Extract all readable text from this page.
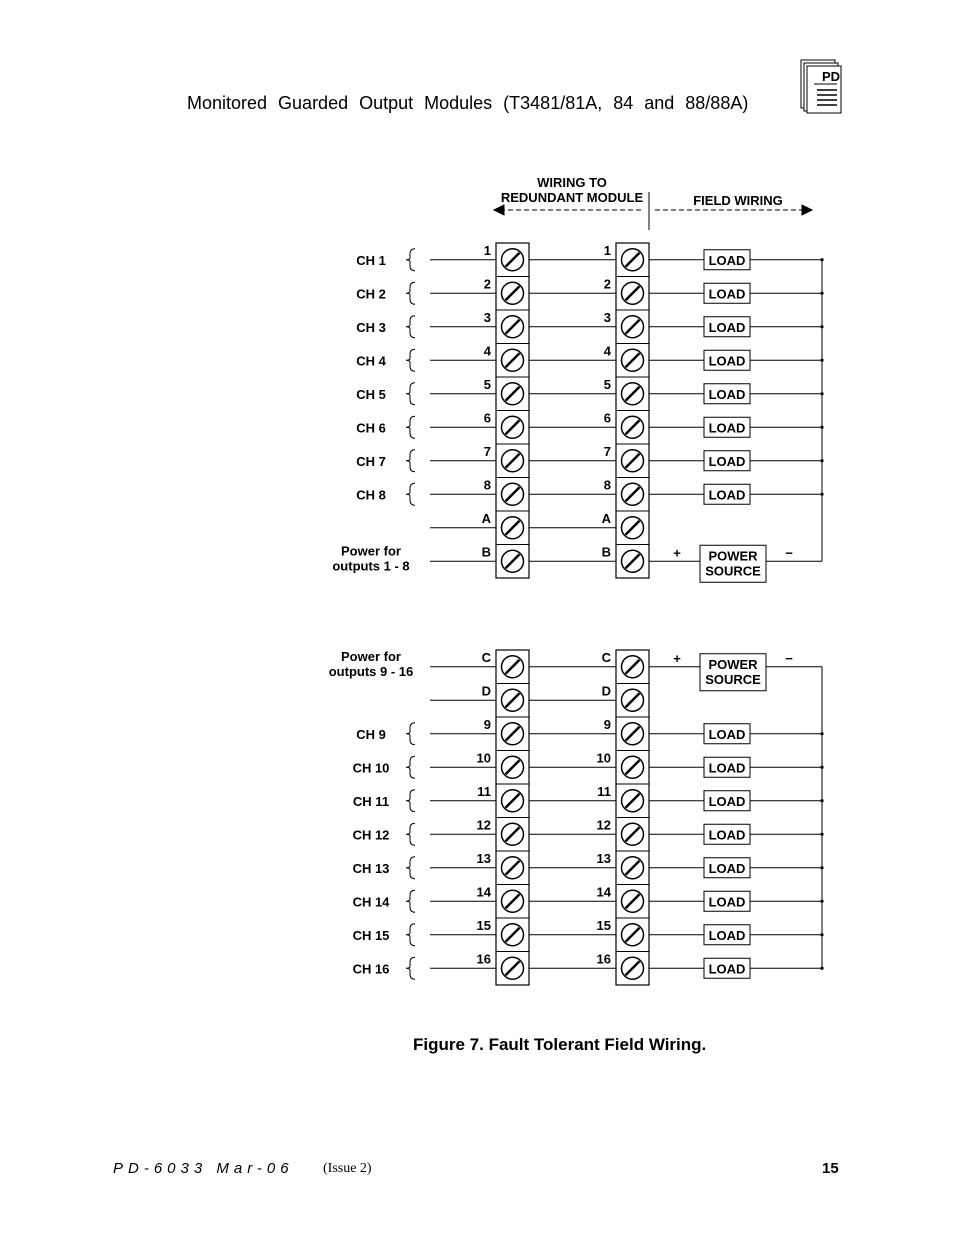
Monitored Guarded Output Modules (T3481/81A, 84 and 88/88A)
PD
WIRING TO
REDUNDANT MODULE	FIELD WIRING
1	1
2	2
3	3
4	4
5	5
6	6
7	7
8	8
A	A
B	B
CH 1	LOAD
CH 2	LOAD
CH 3	LOAD
CH 4	LOAD
CH 5	LOAD
CH 6	LOAD
CH 7	LOAD
CH 8	LOAD
Power for
outputs 1 - 8
POWER
SOURCE
+	−
C	C
D	D
9	9
10	10
11	11
12	12
13	13
14	14
15	15
16	16
CH 9	LOAD
CH 10	LOAD
CH 11	LOAD
CH 12	LOAD
CH 13	LOAD
CH 14	LOAD
CH 15	LOAD
CH 16	LOAD
Power for
outputs 9 - 16	POWER
SOURCE
+	−
Figure 7. Fault Tolerant Field Wiring.
PD-6033 Mar-06 (Issue 2)	15
